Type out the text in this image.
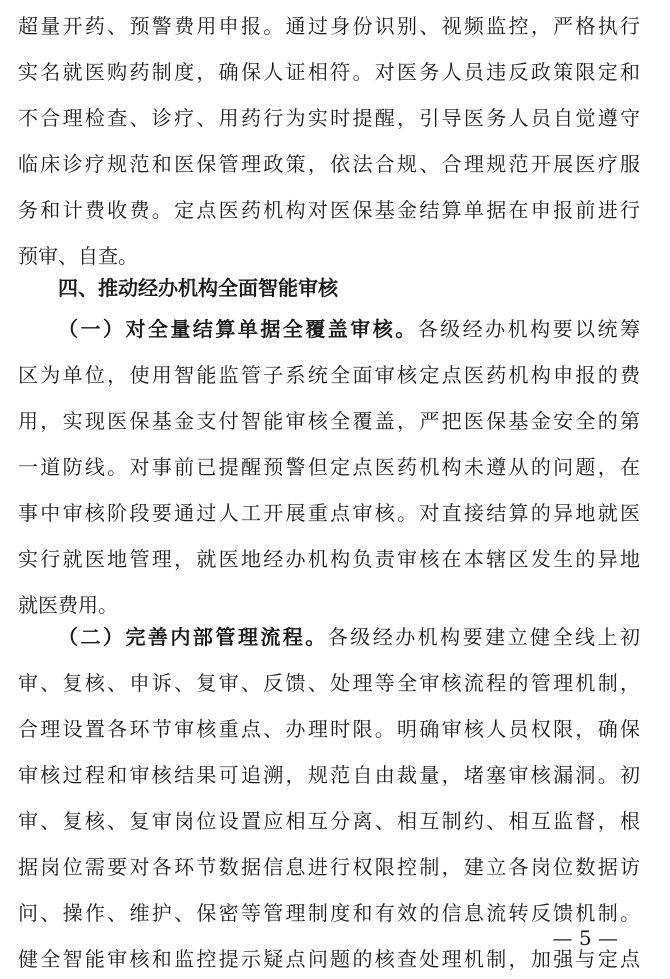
超量开药、预警费用申报。通过身份识别、视频监控，严格执行
实名就医购药制度，确保人证相符。对医务人员违反政策限定和
不合理检查、诊疗、用药行为实时提醒，引导医务人员自觉遵守
临床诊疗规范和医保管理政策，依法合规、合理规范开展医疗服
务和计费收费。定点医药机构对医保基金结算单据在申报前进行
预审、自查。
四、推动经办机构全面智能审核
（一）对全量结算单据全覆盖审核。各级经办机构要以统筹
区为单位，使用智能监管子系统全面审核定点医药机构申报的费
用，实现医保基金支付智能审核全覆盖，严把医保基金安全的第
一道防线。对事前已提醒预警但定点医药机构未遵从的问题，在
事中审核阶段要通过人工开展重点审核。对直接结算的异地就医
实行就医地管理，就医地经办机构负责审核在本辖区发生的异地
就医费用。
（二）完善内部管理流程。各级经办机构要建立健全线上初
审、复核、申诉、复审、反馈、处理等全审核流程的管理机制，
合理设置各环节审核重点、办理时限。明确审核人员权限，确保
审核过程和审核结果可追溯，规范自由裁量，堵塞审核漏洞。初
审、复核、复审岗位设置应相互分离、相互制约、相互监督，根
据岗位需要对各环节数据信息进行权限控制，建立各岗位数据访
问、操作、维护、保密等管理制度和有效的信息流转反馈机制。
健全智能审核和监控提示疑点问题的核查处理机制，加强与定点
— 5 —
